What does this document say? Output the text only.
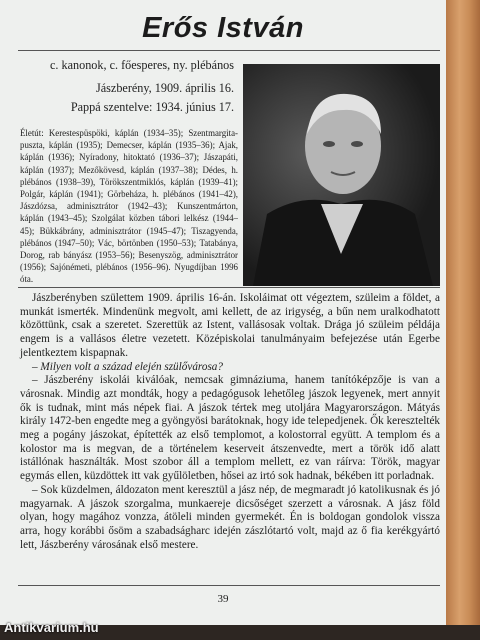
Erős István
c. kanonok, c. főesperes, ny. plébános
Jászberény, 1909. április 16.
Pappá szentelve: 1934. június 17.
Életút: Kerestespüspöki, káplán (1934–35); Szentmargita-puszta, káplán (1935); Demecser, káplán (1935–36); Ajak, káplán (1936); Nyíradony, hitoktató (1936–37); Jászapáti, káplán (1937); Mezőkövesd, káplán (1937–38); Dédes, h. plébános (1938–39), Törökszentmiklós, káplán (1939–41); Polgár, káplán (1941); Görbeháza, h. plébános (1941–42), Jászdózsa, adminisztrátor (1942–43); Kunszentmárton, káplán (1943–45); Szolgálat közben tábori lelkész (1944–45); Bükkábrány, adminisztrátor (1945–47); Tiszagyenda, plébános (1947–50); Vác, börtönben (1950–53); Tatabánya, Dorog, rab bányász (1953–56); Besenyszög, adminisztrátor (1956); Sajónémeti, plébános (1956–96). Nyugdíjban 1996 óta.

Jászberényben születtem 1909. április 16-án. Iskoláimat ott végeztem, szüleim a földet, a munkát ismerték. Mindenünk megvolt, ami kellett, de az irigység, a bűn nem uralkodhatott közöttünk, csak a szeretet. Szerettük az Istent, vallásosak voltak. Drága jó szüleim példája engem is a vallásos életre vezetett. Középiskolai tanulmányaim befejezése után Egerbe jelentkeztem kispapnak.

– Milyen volt a század elején szülővárosa?

– Jászberény iskolái kiválóak, nemcsak gimnáziuma, hanem tanítóképzője is van a városnak. Mindig azt mondták, hogy a pedagógusok lehetőleg jászok legyenek, mert annyit ők is tudnak, mint más népek fiai. A jászok tértek meg utoljára Magyarországon. Mátyás király 1472-ben engedte meg a gyöngyösi barátoknak, hogy ide telepedjenek. Ők keresztelték meg a pogány jászokat, építették az első templomot, a kolostorral együtt. A templom és a kolostor ma is megvan, de a történelem keserveit átszenvedte, mert a török idő alatt istállónak használták. Most szobor áll a templom mellett, ez van ráírva: Török, magyar egymás ellen, küzdöttek itt vak gyűlöletben, hősei az irtó sok hadnak, békében itt porladnak.

– Sok küzdelmen, áldozaton ment keresztül a jász nép, de megmaradt jó katolikusnak és jó magyarnak. A jászok szorgalma, munkaereje dicsőséget szerzett a városnak. A jász föld olyan, hogy magához vonzza, átöleli minden gyermekét. Én is boldogan gondolok vissza arra, hogy korábbi ősöm a szabadságharc idején zászlótartó volt, majd az ő fia kerékgyártó lett, Jászberény városának első mestere.

39
Antikvarium.hu
